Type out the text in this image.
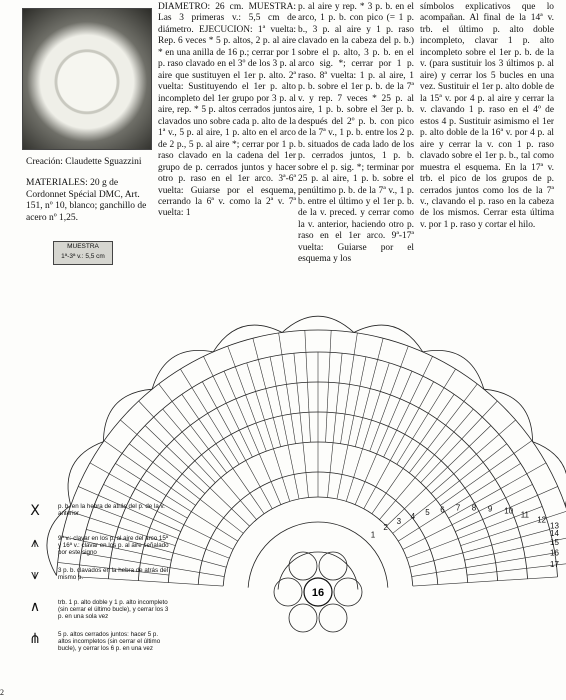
Creación: Claudette Sguazzini
MATERIALES: 20 g de Cordonnet Spécial DMC, Art. 151, nº 10, blanco; ganchillo de acero nº 1,25.
DIAMETRO: 26 cm. MUESTRA: Las 3 primeras v.: 5,5 cm de diámetro. EJECUCION: 1ª vuelta: Rep. 6 veces * 5 p. altos, 2 p. al aire * en una anilla de 16 p.; cerrar por 1 p. raso clavado en el 3º de los 3 p. al aire que sustituyen el 1er p. alto. 2ª vuelta: Sustituyendo el 1er p. alto incompleto del 1er grupo por 3 p. al aire, rep. * 5 p. altos cerrados juntos clavados uno sobre cada p. alto de la 1ª v., 5 p. al aire, 1 p. alto en el arco de 2 p., 5 p. al aire *; cerrar por 1 p. raso clavado en la cadena del 1er grupo de p. cerrados juntos y hacer otro p. raso en el 1er arco. 3ª-6ª vuelta: Guiarse por el esquema, cerrando la 6ª v. como la 2ª v. 7ª vuelta: 1
p. al aire y rep. * 3 p. b. en el arco, 1 p. b. con pico (= 1 p. b., 3 p. al aire y 1 p. raso clavado en la cabeza del p. b.) sobre el p. alto, 3 p. b. en el arco sig. *; cerrar por 1 p. raso. 8ª vuelta: 1 p. al aire, 1 p. b. sobre el 1er p. b. de la 7ª v. y rep. 7 veces * 25 p. al aire, 1 p. b. sobre el 3er p. b. después del 2º p. b. con pico de la 7ª v., 1 p. b. entre los 2 p. b. situados de cada lado de los p. cerrados juntos, 1 p. b. sobre el p. sig. *; terminar por 25 p. al aire, 1 p. b. sobre el penúltimo p. b. de la 7ª v., 1 p. b. entre el último y el 1er p. b. de la v. preced. y cerrar como la v. anterior, haciendo otro p. raso en el 1er arco. 9ª-17ª vuelta: Guiarse por el esquema y los
símbolos explicativos que lo acompañan. Al final de la 14ª v. trb. el último p. alto doble incompleto, clavar 1 p. alto incompleto sobre el 1er p. b. de la v. (para sustituir los 3 últimos p. al aire) y cerrar los 5 bucles en una vez. Sustituir el 1er p. alto doble de la 15ª v. por 4 p. al aire y cerrar la v. clavando 1 p. raso en el 4º de estos 4 p. Sustituir asimismo el 1er p. alto doble de la 16ª v. por 4 p. al aire y cerrar la v. con 1 p. raso clavado sobre el 1er p. b., tal como muestra el esquema. En la 17ª v. trb. el pico de los grupos de p. cerrados juntos como los de la 7ª v., clavando el p. raso en la cabeza de los mismos. Cerrar esta última v. por 1 p. raso y cortar el hilo.
MUESTRA
1ª-3ª v.: 5,5 cm
17
16
15
14
13
12
11
10
9
8
7
6
5
4
3
2
1
16
X	p. b. en la hebra de atrás del p. de la v. anterior
⩚	9ª v.: clavar en los p. al aire del arco 15ª y 16ª v.: clavar en los p. al aire señalado por este signo
⩛	3 p. b. clavados en la hebra de atrás del mismo p.
∧	trb. 1 p. alto doble y 1 p. alto incompleto (sin cerrar el último bucle), y cerrar los 3 p. en una sola vez
⋔	5 p. altos cerrados juntos: hacer 5 p. altos incompletos (sin cerrar el último bucle), y cerrar los 6 p. en una vez
2
